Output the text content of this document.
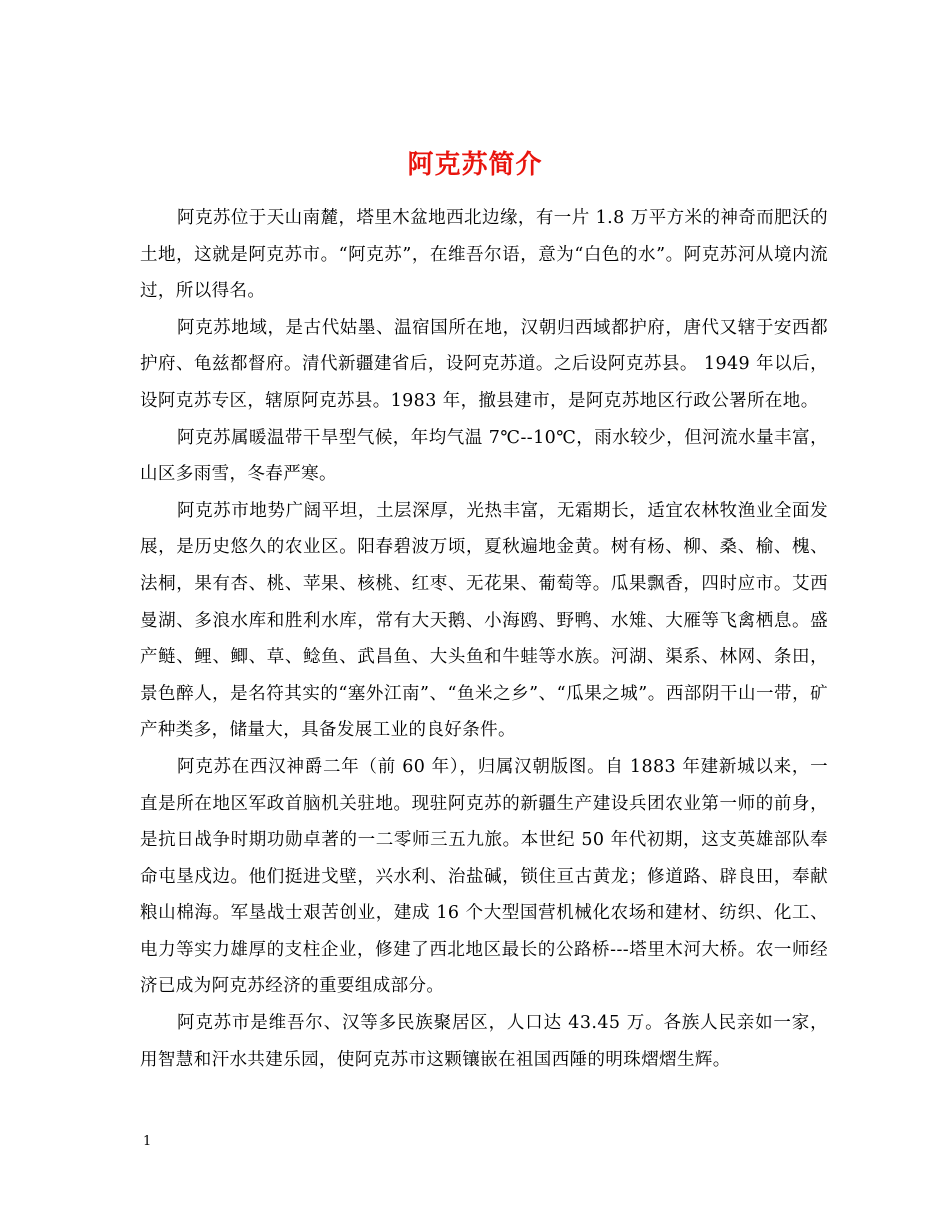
阿克苏简介

阿克苏位于天山南麓，塔里木盆地西北边缘，有一片 1.8 万平方米的神奇而肥沃的土地，这就是阿克苏市。“阿克苏”，在维吾尔语，意为“白色的水”。阿克苏河从境内流过，所以得名。

阿克苏地域，是古代姑墨、温宿国所在地，汉朝归西域都护府，唐代又辖于安西都护府、龟兹都督府。清代新疆建省后，设阿克苏道。之后设阿克苏县。 1949 年以后，设阿克苏专区，辖原阿克苏县。1983 年，撤县建市，是阿克苏地区行政公署所在地。

阿克苏属暖温带干旱型气候，年均气温 7℃--10℃，雨水较少，但河流水量丰富，山区多雨雪，冬春严寒。

阿克苏市地势广阔平坦，土层深厚，光热丰富，无霜期长，适宜农林牧渔业全面发展，是历史悠久的农业区。阳春碧波万顷，夏秋遍地金黄。树有杨、柳、桑、榆、槐、法桐，果有杏、桃、苹果、核桃、红枣、无花果、葡萄等。瓜果飘香，四时应市。艾西曼湖、多浪水库和胜利水库，常有大天鹅、小海鸥、野鸭、水雉、大雁等飞禽栖息。盛产鲢、鲤、鲫、草、鲶鱼、武昌鱼、大头鱼和牛蛙等水族。河湖、渠系、林网、条田，景色醉人，是名符其实的“塞外江南”、“鱼米之乡”、“瓜果之城”。西部阴干山一带，矿产种类多，储量大，具备发展工业的良好条件。

阿克苏在西汉神爵二年（前 60 年），归属汉朝版图。自 1883 年建新城以来，一直是所在地区军政首脑机关驻地。现驻阿克苏的新疆生产建设兵团农业第一师的前身，是抗日战争时期功勋卓著的一二零师三五九旅。本世纪 50 年代初期，这支英雄部队奉命屯垦戍边。他们挺进戈壁，兴水利、治盐碱，锁住亘古黄龙；修道路、辟良田，奉献粮山棉海。军垦战士艰苦创业，建成 16 个大型国营机械化农场和建材、纺织、化工、电力等实力雄厚的支柱企业，修建了西北地区最长的公路桥---塔里木河大桥。农一师经济已成为阿克苏经济的重要组成部分。

阿克苏市是维吾尔、汉等多民族聚居区，人口达 43.45 万。各族人民亲如一家，用智慧和汗水共建乐园，使阿克苏市这颗镶嵌在祖国西陲的明珠熠熠生辉。

1
